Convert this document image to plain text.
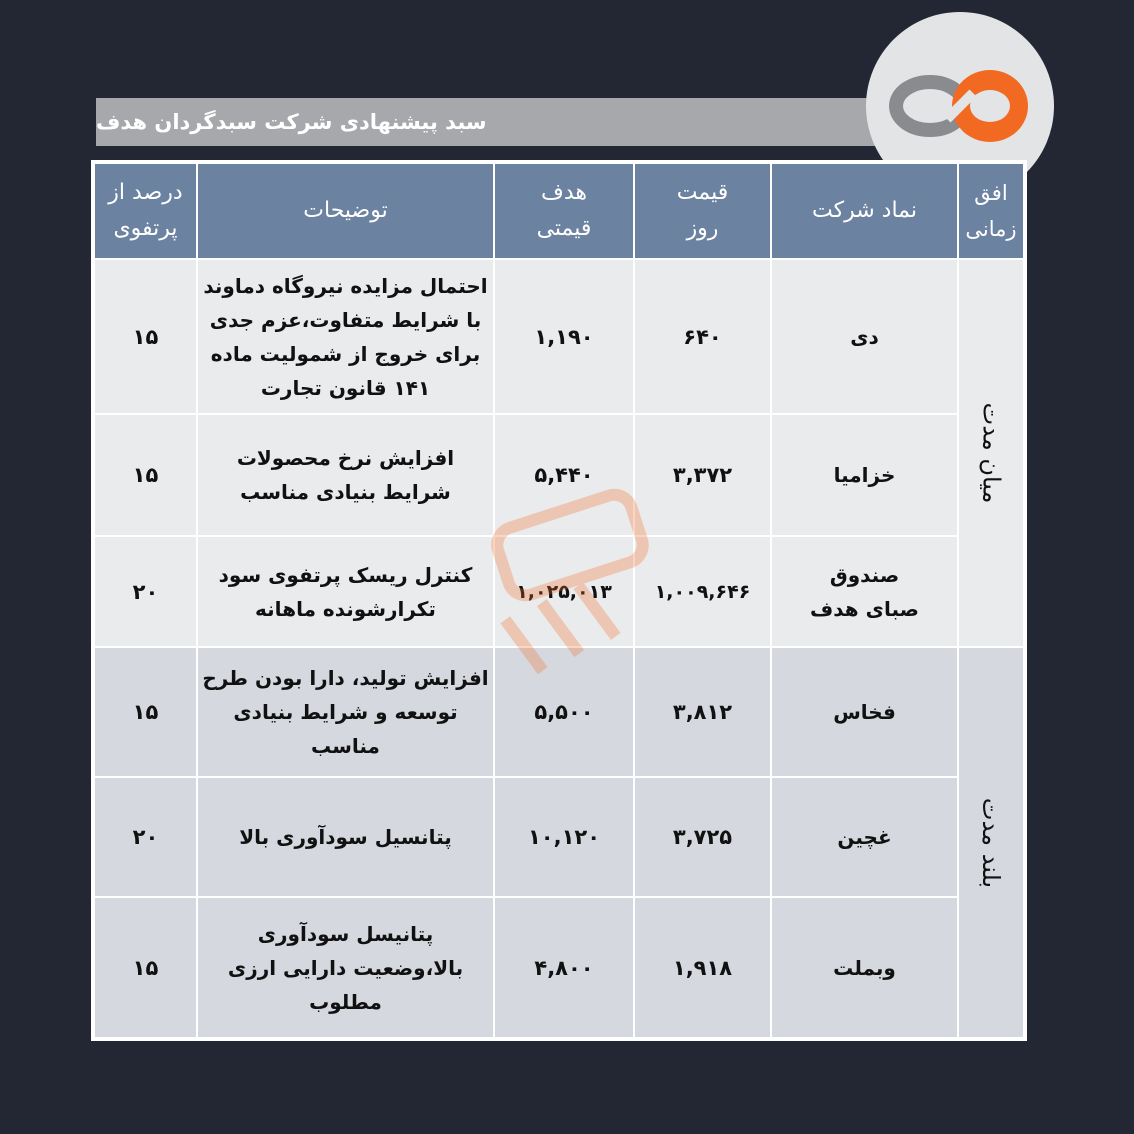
سبد پیشنهادی شرکت سبدگردان هدف
افق زمانی
نماد شرکت
قیمت روز
هدف قیمتی
توضیحات
درصد از پرتفوی
میان مدت
بلند مدت
دی
۶۴۰
۱,۱۹۰
احتمال مزایده نیروگاه دماوند با شرایط متفاوت،عزم جدی برای خروج از شمولیت ماده ۱۴۱ قانون تجارت
۱۵
خزامیا
۳,۳۷۲
۵,۴۴۰
افزایش نرخ محصولات شرایط بنیادی مناسب
۱۵
صندوق صبای هدف
۱,۰۰۹,۶۴۶
۱,۰۲۵,۰۱۳
کنترل ریسک پرتفوی سود تکرارشونده ماهانه
۲۰
فخاس
۳,۸۱۲
۵,۵۰۰
افزایش تولید، دارا بودن طرح توسعه و شرایط بنیادی مناسب
۱۵
غچین
۳,۷۲۵
۱۰,۱۲۰
پتانسیل سودآوری بالا
۲۰
وبملت
۱,۹۱۸
۴,۸۰۰
پتانیسل سودآوری بالا،وضعیت دارایی ارزی مطلوب
۱۵
